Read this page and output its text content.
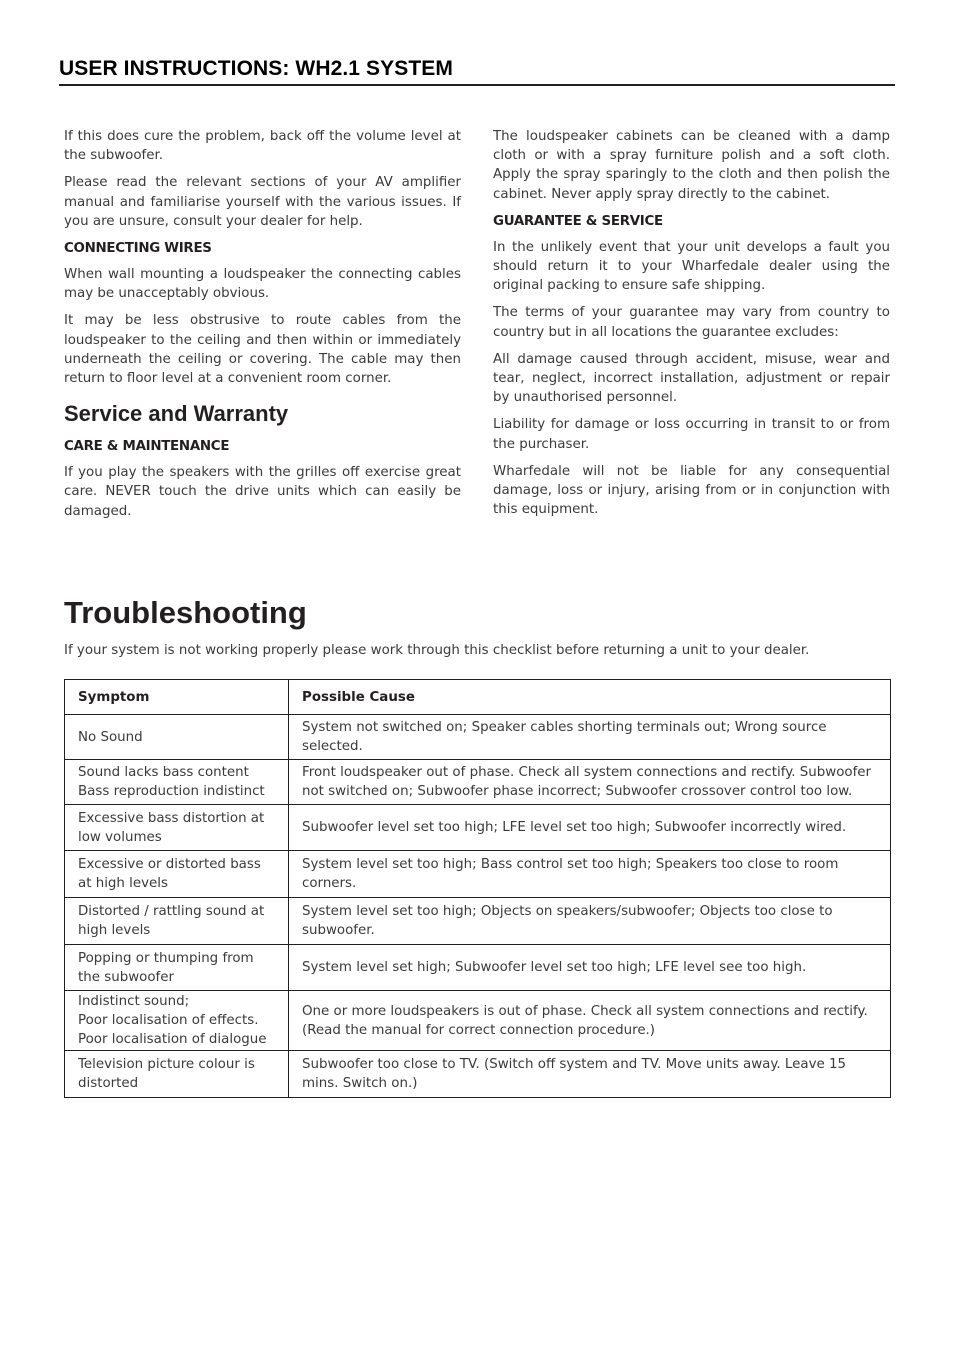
USER INSTRUCTIONS: WH2.1 SYSTEM

If this does cure the problem, back off the volume level at the subwoofer.

Please read the relevant sections of your AV amplifier manual and familiarise yourself with the various issues. If you are unsure, consult your dealer for help.

CONNECTING WIRES

When wall mounting a loudspeaker the connecting cables may be unacceptably obvious.

It may be less obstrusive to route cables from the loudspeaker to the ceiling and then within or immediately underneath the ceiling or covering. The cable may then return to floor level at a convenient room corner.

Service and Warranty
CARE & MAINTENANCE

If you play the speakers with the grilles off exercise great care. NEVER touch the drive units which can easily be damaged.

The loudspeaker cabinets can be cleaned with a damp cloth or with a spray furniture polish and a soft cloth. Apply the spray sparingly to the cloth and then polish the cabinet. Never apply spray directly to the cabinet.

GUARANTEE & SERVICE

In the unlikely event that your unit develops a fault you should return it to your Wharfedale dealer using the original packing to ensure safe shipping.

The terms of your guarantee may vary from country to country but in all locations the guarantee excludes:

All damage caused through accident, misuse, wear and tear, neglect, incorrect installation, adjustment or repair by unauthorised personnel.

Liability for damage or loss occurring in transit to or from the purchaser.

Wharfedale will not be liable for any consequential damage, loss or injury, arising from or in conjunction with this equipment.

Troubleshooting

If your system is not working properly please work through this checklist before returning a unit to your dealer.

Symptom	Possible Cause

No Sound	System not switched on; Speaker cables shorting terminals out; Wrong source selected.

Sound lacks bass content
Bass reproduction indistinct	Front loudspeaker out of phase. Check all system connections and rectify. Subwoofer not switched on; Subwoofer phase incorrect; Subwoofer crossover control too low.

Excessive bass distortion at low volumes	Subwoofer level set too high; LFE level set too high; Subwoofer incorrectly wired.

Excessive or distorted bass at high levels	System level set too high; Bass control set too high; Speakers too close to room corners.

Distorted / rattling sound at high levels	System level set too high; Objects on speakers/subwoofer; Objects too close to subwoofer.

Popping or thumping from the subwoofer	System level set high; Subwoofer level set too high; LFE level see too high.

Indistinct sound;
Poor localisation of effects.
Poor localisation of dialogue	One or more loudspeakers is out of phase. Check all system connections and rectify.
(Read the manual for correct connection procedure.)

Television picture colour is distorted	Subwoofer too close to TV. (Switch off system and TV. Move units away. Leave 15 mins. Switch on.)
